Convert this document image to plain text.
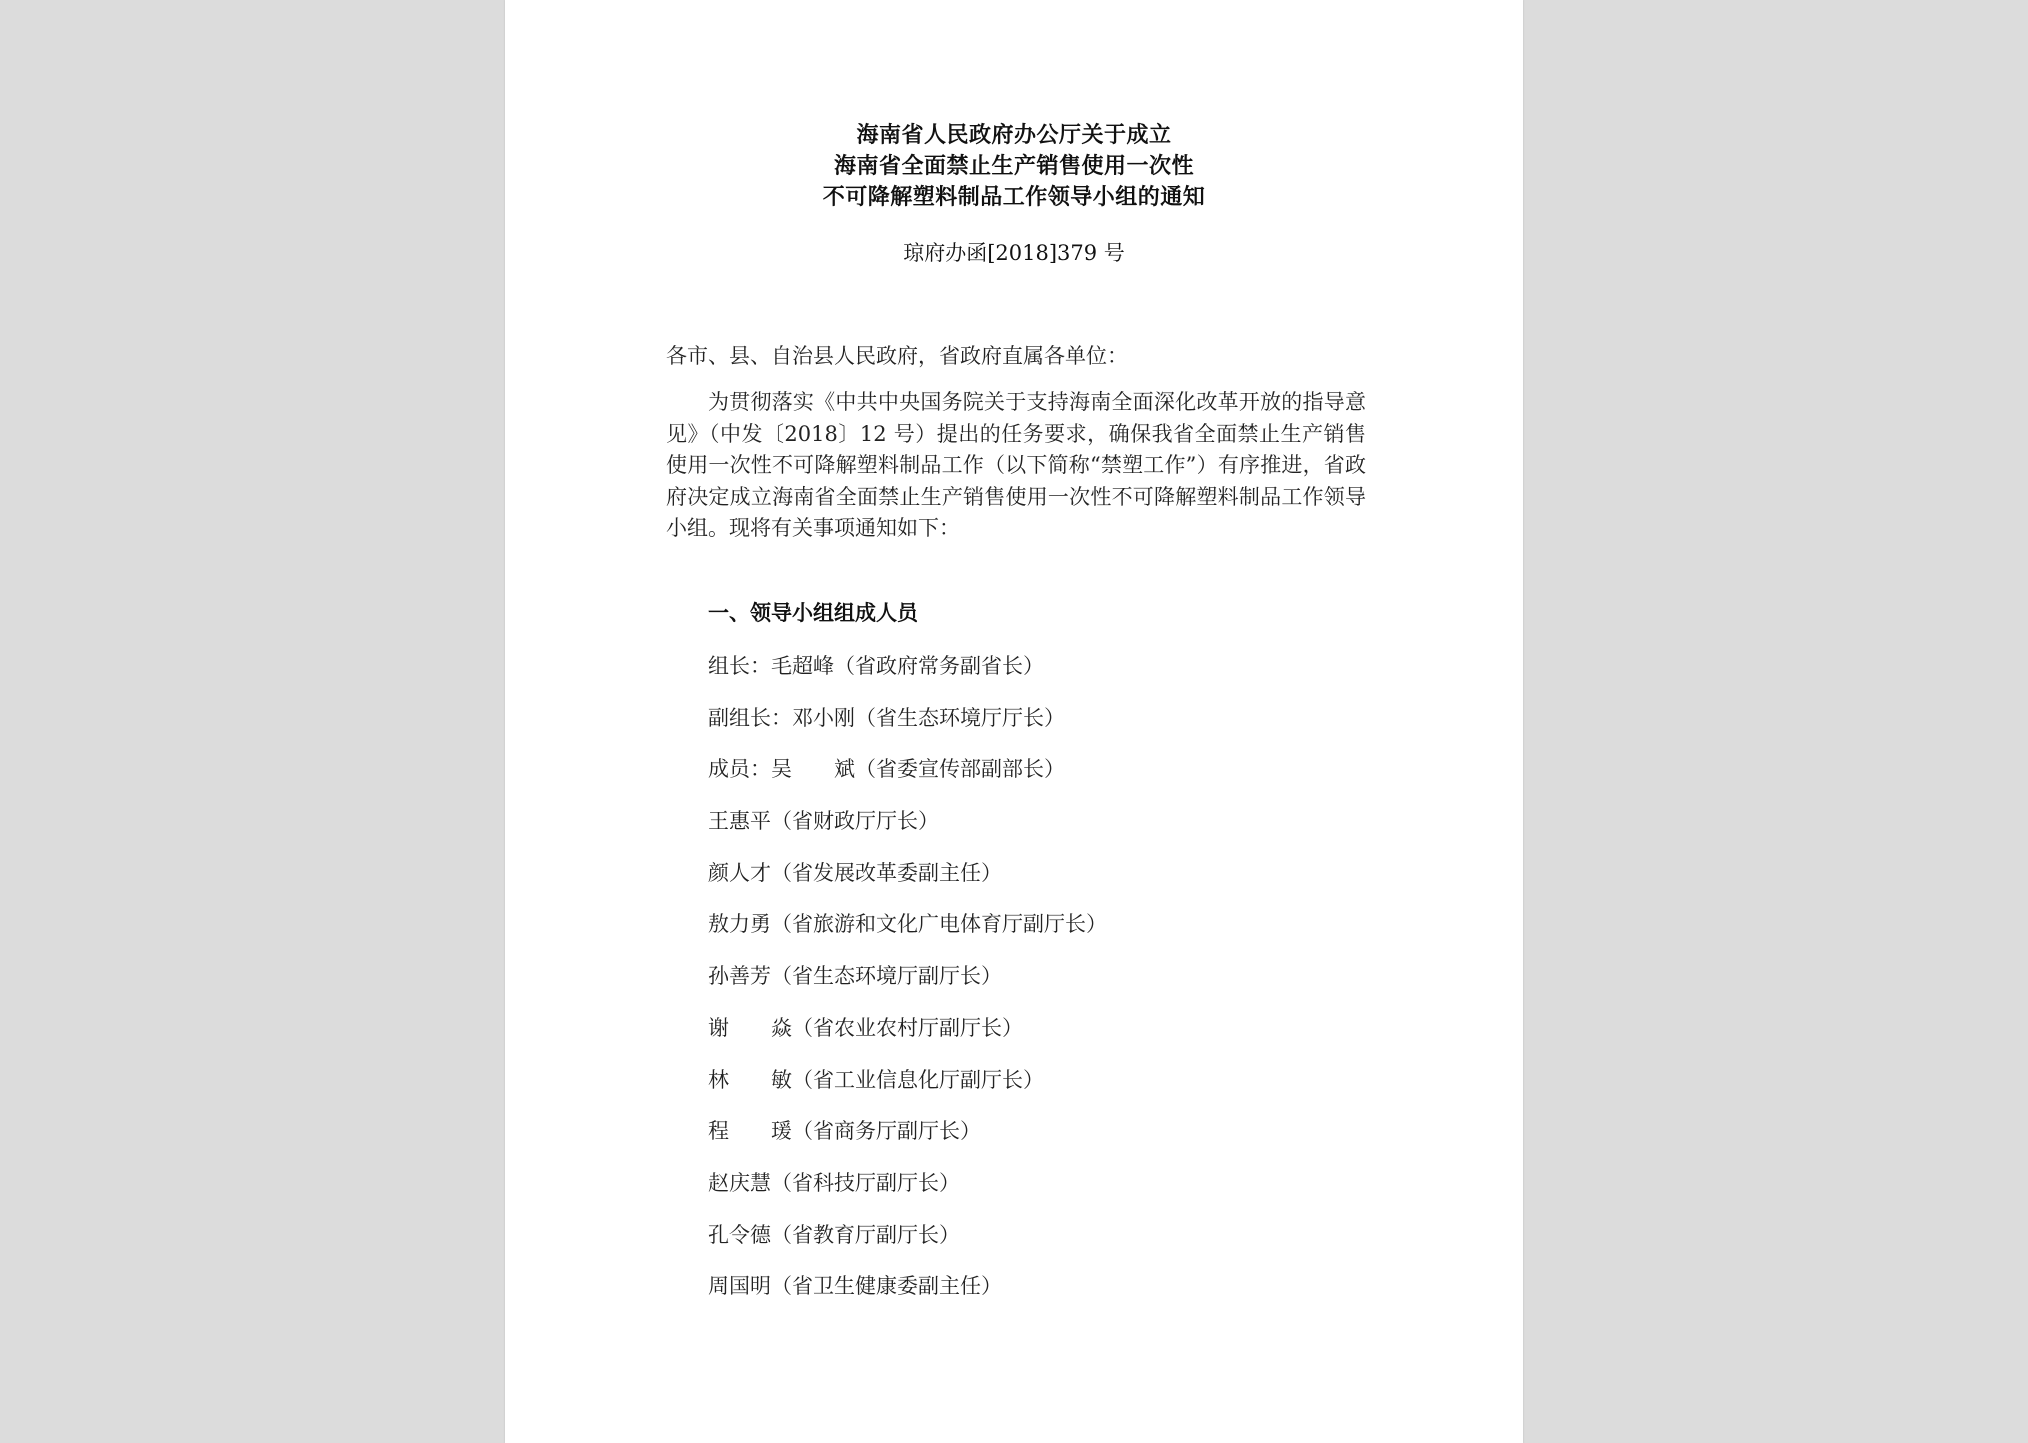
海南省人民政府办公厅关于成立
海南省全面禁止生产销售使用一次性
不可降解塑料制品工作领导小组的通知
琼府办函[2018]379 号
各市、县、自治县人民政府，省政府直属各单位：
为贯彻落实《中共中央国务院关于支持海南全面深化改革开放的指导意见》（中发〔2018〕12 号）提出的任务要求，确保我省全面禁止生产销售使用一次性不可降解塑料制品工作（以下简称“禁塑工作”）有序推进，省政府决定成立海南省全面禁止生产销售使用一次性不可降解塑料制品工作领导小组。现将有关事项通知如下：
一、领导小组组成人员
组长：毛超峰（省政府常务副省长）
副组长：邓小刚（省生态环境厅厅长）
成员：吴　　斌（省委宣传部副部长）
王惠平（省财政厅厅长）
颜人才（省发展改革委副主任）
敖力勇（省旅游和文化广电体育厅副厅长）
孙善芳（省生态环境厅副厅长）
谢　　焱（省农业农村厅副厅长）
林　　敏（省工业信息化厅副厅长）
程　　瑗（省商务厅副厅长）
赵庆慧（省科技厅副厅长）
孔令德（省教育厅副厅长）
周国明（省卫生健康委副主任）
